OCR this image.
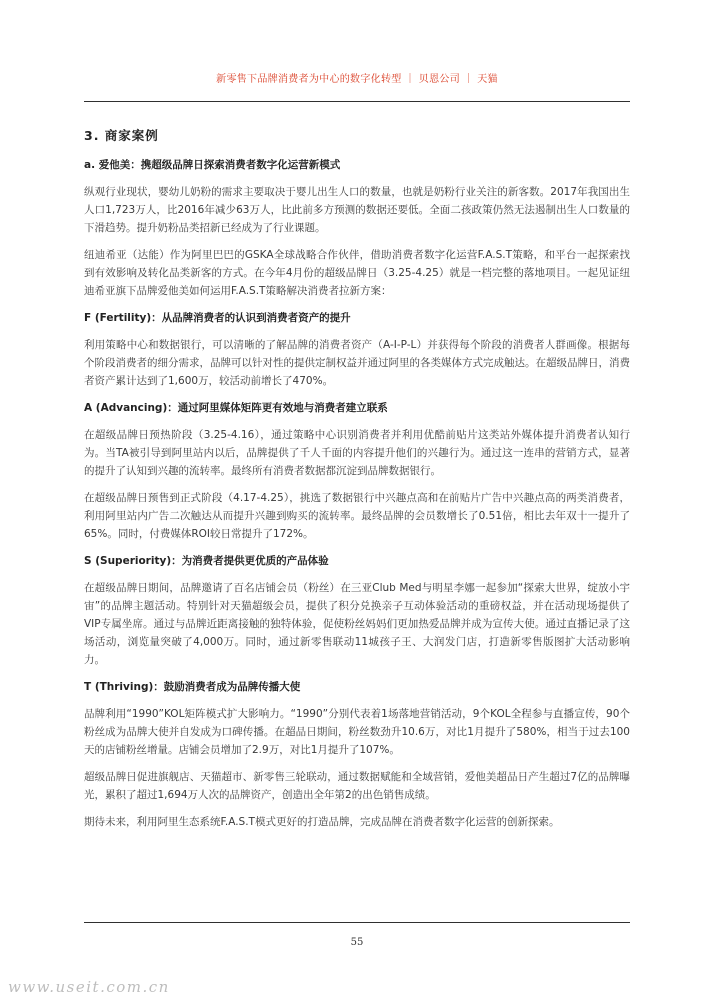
新零售下品牌消费者为中心的数字化转型 ｜ 贝恩公司 ｜ 天猫
3. 商家案例
a. 爱他美：携超级品牌日探索消费者数字化运营新模式
纵观行业现状，婴幼儿奶粉的需求主要取决于婴儿出生人口的数量，也就是奶粉行业关注的新客数。2017年我国出生人口1,723万人，比2016年减少63万人，比此前多方预测的数据还要低。全面二孩政策仍然无法遏制出生人口数量的下滑趋势。提升奶粉品类招新已经成为了行业课题。
纽迪希亚（达能）作为阿里巴巴的GSKA全球战略合作伙伴，借助消费者数字化运营F.A.S.T策略，和平台一起探索找到有效影响及转化品类新客的方式。在今年4月份的超级品牌日（3.25-4.25）就是一档完整的落地项目。一起见证纽迪希亚旗下品牌爱他美如何运用F.A.S.T策略解决消费者拉新方案：
F (Fertility)：从品牌消费者的认识到消费者资产的提升
利用策略中心和数据银行，可以清晰的了解品牌的消费者资产（A-I-P-L）并获得每个阶段的消费者人群画像。根据每个阶段消费者的细分需求，品牌可以针对性的提供定制权益并通过阿里的各类媒体方式完成触达。在超级品牌日，消费者资产累计达到了1,600万，较活动前增长了470%。
A (Advancing)：通过阿里媒体矩阵更有效地与消费者建立联系
在超级品牌日预热阶段（3.25-4.16），通过策略中心识别消费者并利用优酷前贴片这类站外媒体提升消费者认知行为。当TA被引导到阿里站内以后，品牌提供了千人千面的内容提升他们的兴趣行为。通过这一连串的营销方式，显著的提升了认知到兴趣的流转率。最终所有消费者数据都沉淀到品牌数据银行。
在超级品牌日预售到正式阶段（4.17-4.25），挑选了数据银行中兴趣点高和在前贴片广告中兴趣点高的两类消费者，利用阿里站内广告二次触达从而提升兴趣到购买的流转率。最终品牌的会员数增长了0.51倍，相比去年双十一提升了65%。同时，付费媒体ROI较日常提升了172%。
S (Superiority)：为消费者提供更优质的产品体验
在超级品牌日期间，品牌邀请了百名店铺会员（粉丝）在三亚Club Med与明星李娜一起参加“探索大世界，绽放小宇宙”的品牌主题活动。特别针对天猫超级会员，提供了积分兑换亲子互动体验活动的重磅权益，并在活动现场提供了VIP专属坐席。通过与品牌近距离接触的独特体验，促使粉丝妈妈们更加热爱品牌并成为宣传大使。通过直播记录了这场活动，浏览量突破了4,000万。同时，通过新零售联动11城孩子王、大润发门店，打造新零售版图扩大活动影响力。
T (Thriving)：鼓励消费者成为品牌传播大使
品牌利用“1990”KOL矩阵模式扩大影响力。“1990”分别代表着1场落地营销活动，9个KOL全程参与直播宣传，90个粉丝成为品牌大使并自发成为口碑传播。在超品日期间，粉丝数劲升10.6万，对比1月提升了580%，相当于过去100天的店铺粉丝增量。店铺会员增加了2.9万，对比1月提升了107%。
超级品牌日促进旗舰店、天猫超市、新零售三轮联动，通过数据赋能和全域营销，爱他美超品日产生超过7亿的品牌曝光，累积了超过1,694万人次的品牌资产，创造出全年第2的出色销售成绩。
期待未来，利用阿里生态系统F.A.S.T模式更好的打造品牌，完成品牌在消费者数字化运营的创新探索。
55
www.useit.com.cn
